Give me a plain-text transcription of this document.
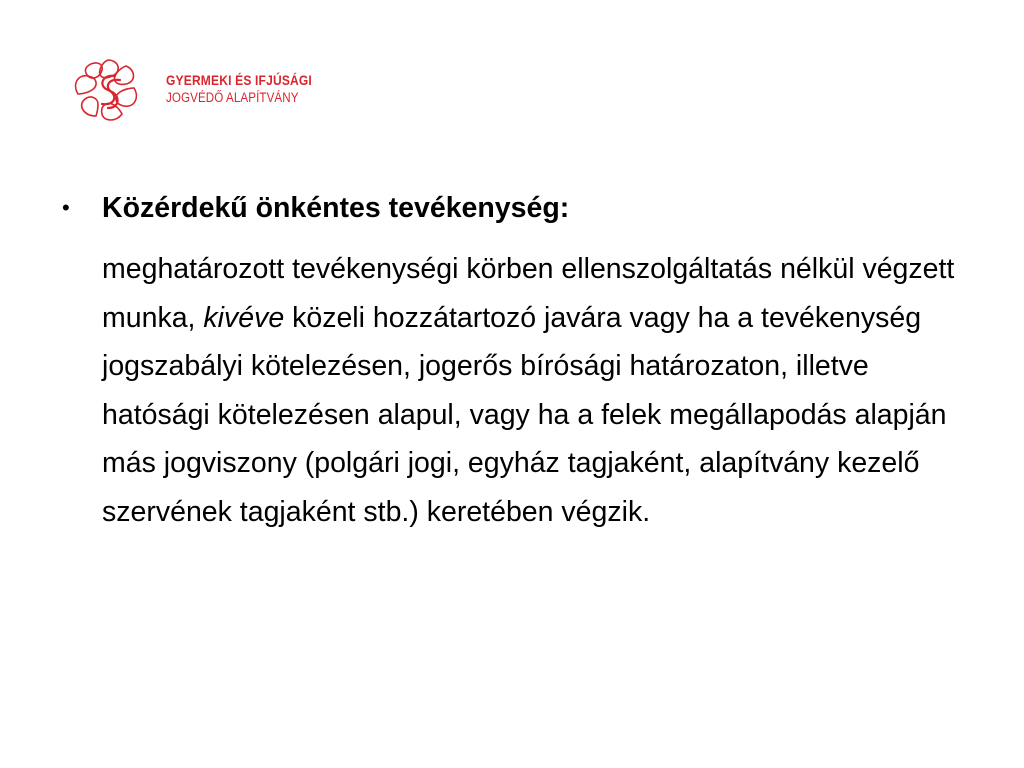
GYERMEKI ÉS IFJÚSÁGI
JOGVÉDŐ ALAPÍTVÁNY
• Közérdekű önkéntes tevékenység:
meghatározott tevékenységi körben ellenszolgáltatás nélkül végzett munka, kivéve közeli hozzátartozó javára vagy ha a tevékenység jogszabályi kötelezésen, jogerős bírósági határozaton, illetve hatósági kötelezésen alapul, vagy ha a felek megállapodás alapján más jogviszony (polgári jogi, egyház tagjaként, alapítvány kezelő szervének tagjaként stb.) keretében végzik.
